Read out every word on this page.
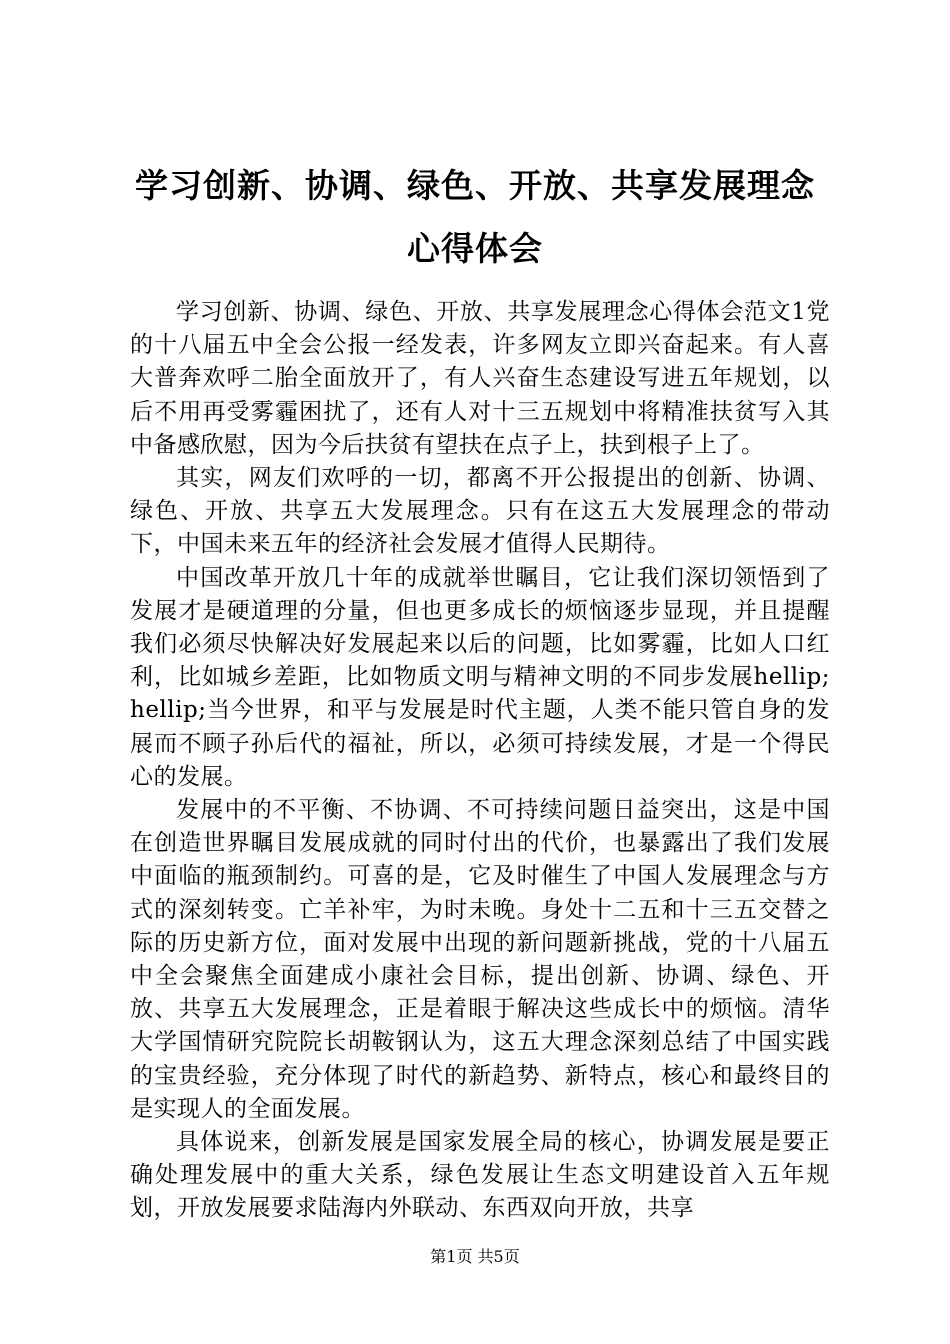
学习创新、协调、绿色、开放、共享发展理念
心得体会

学习创新、协调、绿色、开放、共享发展理念心得体会范文1党的十八届五中全会公报一经发表，许多网友立即兴奋起来。有人喜大普奔欢呼二胎全面放开了，有人兴奋生态建设写进五年规划，以后不用再受雾霾困扰了，还有人对十三五规划中将精准扶贫写入其中备感欣慰，因为今后扶贫有望扶在点子上，扶到根子上了。

其实，网友们欢呼的一切，都离不开公报提出的创新、协调、绿色、开放、共享五大发展理念。只有在这五大发展理念的带动下，中国未来五年的经济社会发展才值得人民期待。

中国改革开放几十年的成就举世瞩目，它让我们深切领悟到了发展才是硬道理的分量，但也更多成长的烦恼逐步显现，并且提醒我们必须尽快解决好发展起来以后的问题，比如雾霾，比如人口红利，比如城乡差距，比如物质文明与精神文明的不同步发展hellip;hellip;当今世界，和平与发展是时代主题，人类不能只管自身的发展而不顾子孙后代的福祉，所以，必须可持续发展，才是一个得民心的发展。

发展中的不平衡、不协调、不可持续问题日益突出，这是中国在创造世界瞩目发展成就的同时付出的代价，也暴露出了我们发展中面临的瓶颈制约。可喜的是，它及时催生了中国人发展理念与方式的深刻转变。亡羊补牢，为时未晚。身处十二五和十三五交替之际的历史新方位，面对发展中出现的新问题新挑战，党的十八届五中全会聚焦全面建成小康社会目标，提出创新、协调、绿色、开放、共享五大发展理念，正是着眼于解决这些成长中的烦恼。清华大学国情研究院院长胡鞍钢认为，这五大理念深刻总结了中国实践的宝贵经验，充分体现了时代的新趋势、新特点，核心和最终目的是实现人的全面发展。

具体说来，创新发展是国家发展全局的核心，协调发展是要正确处理发展中的重大关系，绿色发展让生态文明建设首入五年规划，开放发展要求陆海内外联动、东西双向开放，共享

第1页 共5页
